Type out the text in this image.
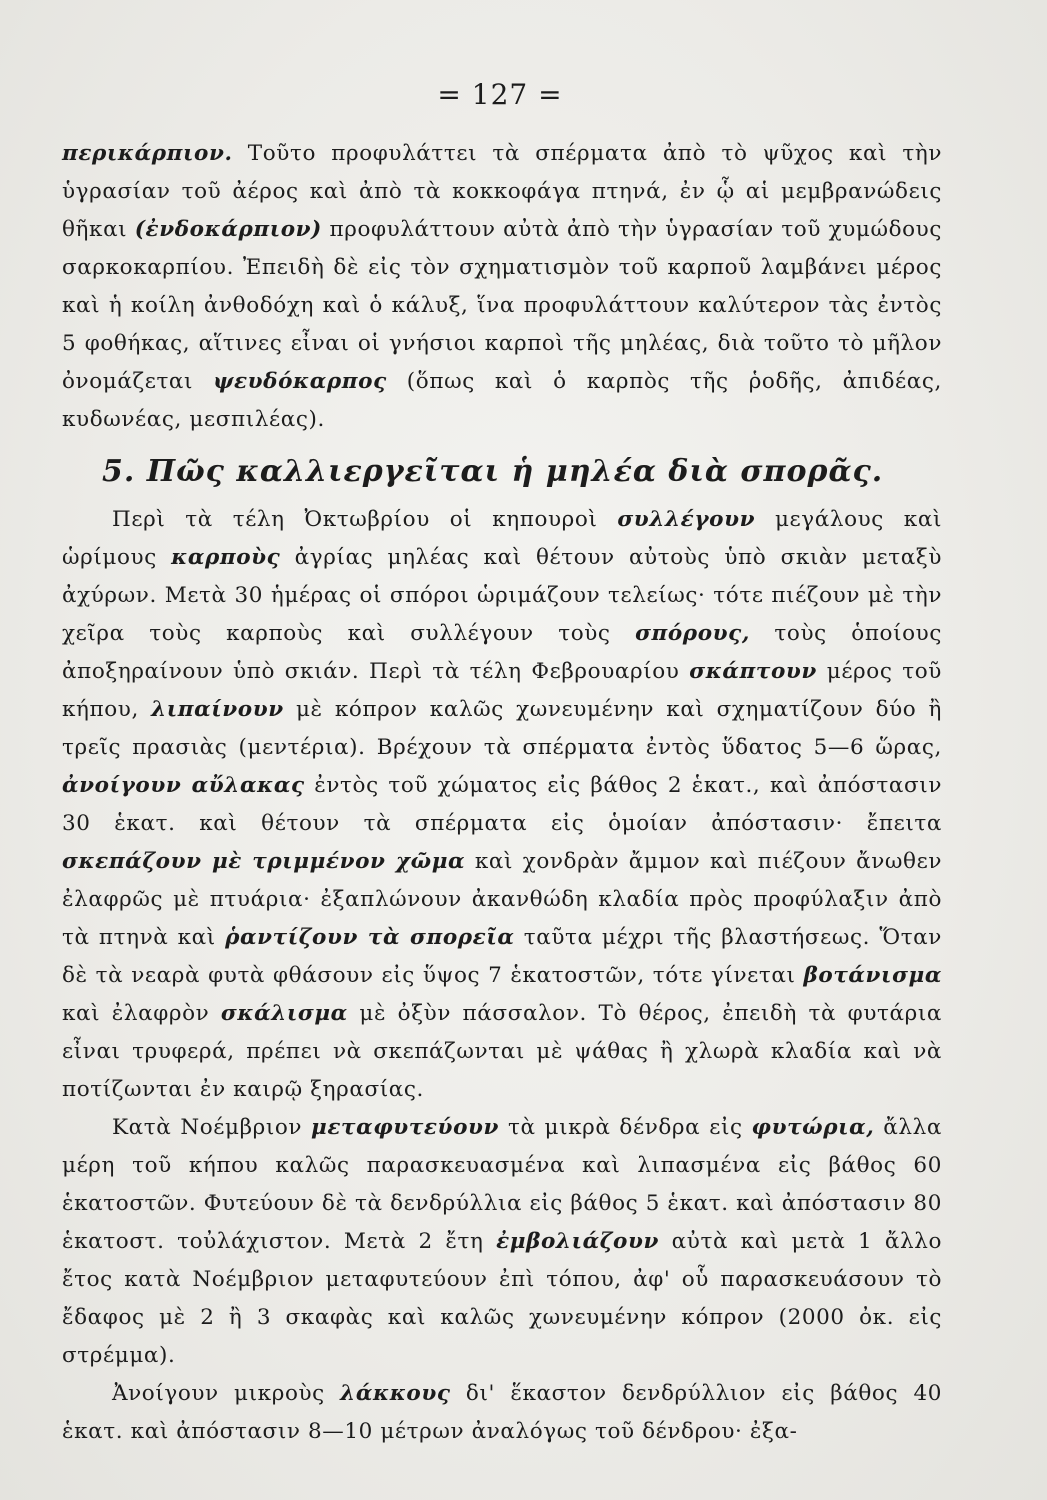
= 127 =

περικάρπιον. Τοῦτο προφυλάττει τὰ σπέρματα ἀπὸ τὸ ψῦχος καὶ τὴν ὑγρασίαν τοῦ ἀέρος καὶ ἀπὸ τὰ κοκκοφάγα πτηνά, ἐν ᾧ αἱ μεμβρανώδεις θῆκαι (ἐνδοκάρπιον) προφυλάττουν αὐτὰ ἀπὸ τὴν ὑγρασίαν τοῦ χυμώδους σαρκοκαρπίου. Ἐπειδὴ δὲ εἰς τὸν σχηματισμὸν τοῦ καρποῦ λαμβάνει μέρος καὶ ἡ κοίλη ἀνθοδόχη καὶ ὁ κάλυξ, ἵνα προφυλάττουν καλύτερον τὰς ἐντὸς 5 φοθήκας, αἵτινες εἶναι οἱ γνήσιοι καρποὶ τῆς μηλέας, διὰ τοῦτο τὸ μῆλον ὀνομάζεται ψευδόκαρπος (ὅπως καὶ ὁ καρπὸς τῆς ῥοδῆς, ἀπιδέας, κυδωνέας, μεσπιλέας).

5. Πῶς καλλιεργεῖται ἡ μηλέα διὰ σπορᾶς.

Περὶ τὰ τέλη Ὀκτωβρίου οἱ κηπουροὶ συλλέγουν μεγάλους καὶ ὡρίμους καρποὺς ἀγρίας μηλέας καὶ θέτουν αὐτοὺς ὑπὸ σκιὰν μεταξὺ ἀχύρων. Μετὰ 30 ἡμέρας οἱ σπόροι ὡριμάζουν τελείως· τότε πιέζουν μὲ τὴν χεῖρα τοὺς καρποὺς καὶ συλλέγουν τοὺς σπόρους, τοὺς ὁποίους ἀποξηραίνουν ὑπὸ σκιάν. Περὶ τὰ τέλη Φεβρουαρίου σκάπτουν μέρος τοῦ κήπου, λιπαίνουν μὲ κόπρον καλῶς χωνευμένην καὶ σχηματίζουν δύο ἢ τρεῖς πρασιὰς (μεντέρια). Βρέχουν τὰ σπέρματα ἐντὸς ὕδατος 5—6 ὥρας, ἀνοίγουν αὔλακας ἐντὸς τοῦ χώματος εἰς βάθος 2 ἑκατ., καὶ ἀπόστασιν 30 ἑκατ. καὶ θέτουν τὰ σπέρματα εἰς ὁμοίαν ἀπόστασιν· ἔπειτα σκεπάζουν μὲ τριμμένον χῶμα καὶ χονδρὰν ἄμμον καὶ πιέζουν ἄνωθεν ἐλαφρῶς μὲ πτυάρια· ἐξαπλώνουν ἀκανθώδη κλαδία πρὸς προφύλαξιν ἀπὸ τὰ πτηνὰ καὶ ῥαντίζουν τὰ σπορεῖα ταῦτα μέχρι τῆς βλαστήσεως. Ὅταν δὲ τὰ νεαρὰ φυτὰ φθάσουν εἰς ὕψος 7 ἑκατοστῶν, τότε γίνεται βοτάνισμα καὶ ἐλαφρὸν σκάλισμα μὲ ὀξὺν πάσσαλον. Τὸ θέρος, ἐπειδὴ τὰ φυτάρια εἶναι τρυφερά, πρέπει νὰ σκεπάζωνται μὲ ψάθας ἢ χλωρὰ κλαδία καὶ νὰ ποτίζωνται ἐν καιρῷ ξηρασίας.

Κατὰ Νοέμβριον μεταφυτεύουν τὰ μικρὰ δένδρα εἰς φυτώρια, ἄλλα μέρη τοῦ κήπου καλῶς παρασκευασμένα καὶ λιπασμένα εἰς βάθος 60 ἑκατοστῶν. Φυτεύουν δὲ τὰ δενδρύλλια εἰς βάθος 5 ἑκατ. καὶ ἀπόστασιν 80 ἑκατοστ. τοὐλάχιστον. Μετὰ 2 ἔτη ἐμβολιάζουν αὐτὰ καὶ μετὰ 1 ἄλλο ἔτος κατὰ Νοέμβριον μεταφυτεύουν ἐπὶ τόπου, ἀφ' οὗ παρασκευάσουν τὸ ἔδαφος μὲ 2 ἢ 3 σκαφὰς καὶ καλῶς χωνευμένην κόπρον (2000 ὀκ. εἰς στρέμμα).

Ἀνοίγουν μικροὺς λάκκους δι' ἕκαστον δενδρύλλιον εἰς βάθος 40 ἑκατ. καὶ ἀπόστασιν 8—10 μέτρων ἀναλόγως τοῦ δένδρου· ἐξα-
